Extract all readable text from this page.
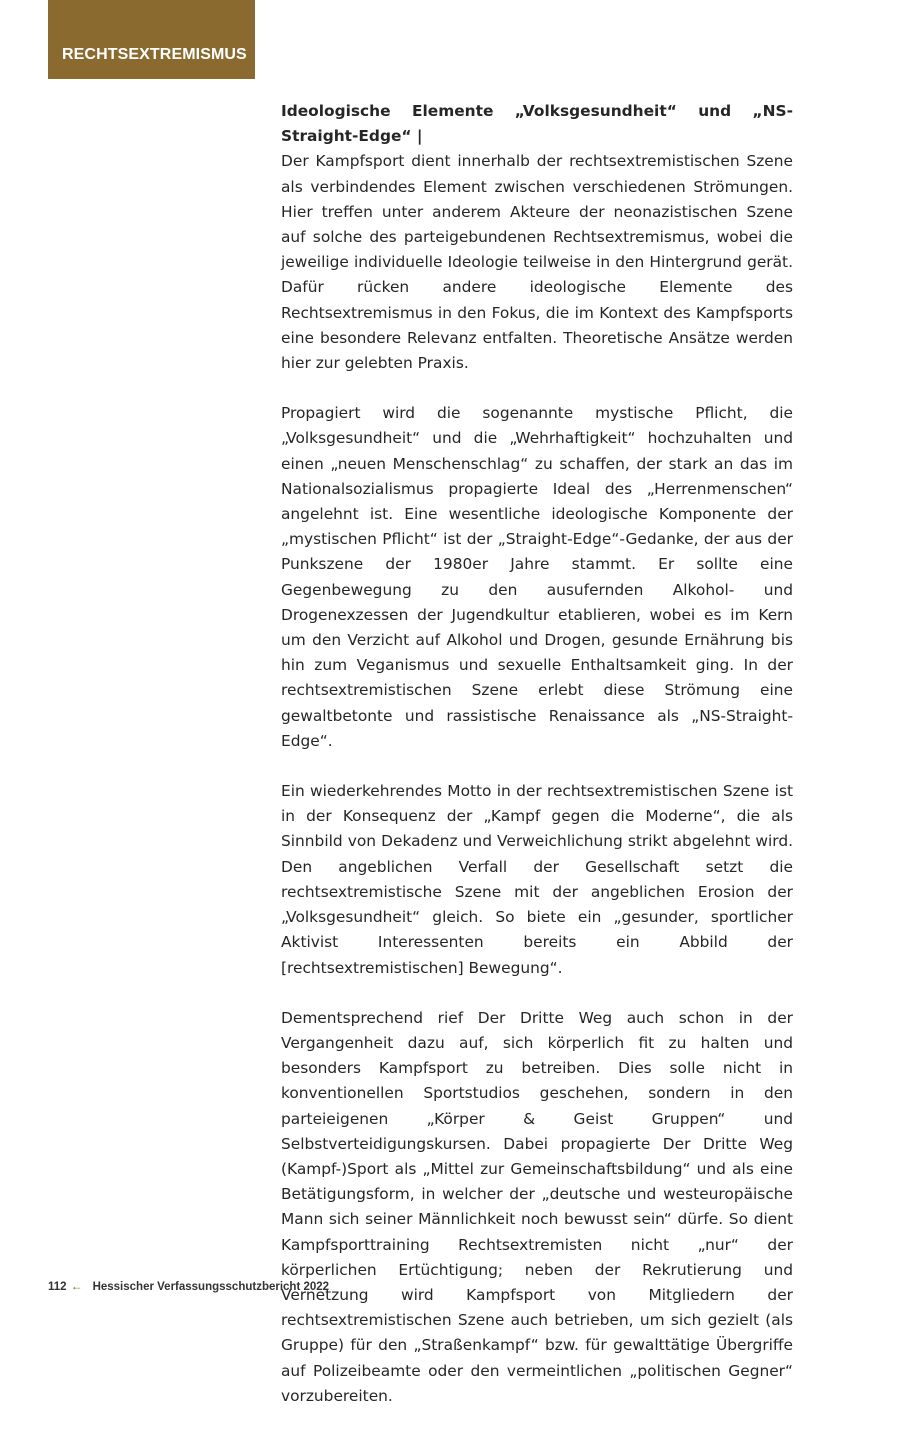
RECHTSEXTREMISMUS

Ideologische Elemente „Volksgesundheit“ und „NS-Straight-Edge“ |
Der Kampfsport dient innerhalb der rechtsextremistischen Szene als verbindendes Element zwischen verschiedenen Strömungen. Hier treffen unter anderem Akteure der neonazistischen Szene auf solche des parteigebundenen Rechtsextremismus, wobei die jeweilige individuelle Ideologie teilweise in den Hintergrund gerät. Dafür rücken andere ideologische Elemente des Rechtsextremismus in den Fokus, die im Kontext des Kampfsports eine besondere Relevanz entfalten. Theoretische Ansätze werden hier zur gelebten Praxis.

Propagiert wird die sogenannte mystische Pflicht, die „Volksgesundheit“ und die „Wehrhaftigkeit“ hochzuhalten und einen „neuen Menschenschlag“ zu schaffen, der stark an das im Nationalsozialismus propagierte Ideal des „Herrenmenschen“ angelehnt ist. Eine wesentliche ideologische Komponente der „mystischen Pflicht“ ist der „Straight-Edge“-Gedanke, der aus der Punkszene der 1980er Jahre stammt. Er sollte eine Gegenbewegung zu den ausufernden Alkohol- und Drogenexzessen der Jugendkultur etablieren, wobei es im Kern um den Verzicht auf Alkohol und Drogen, gesunde Ernährung bis hin zum Veganismus und sexuelle Enthaltsamkeit ging. In der rechtsextremistischen Szene erlebt diese Strömung eine gewaltbetonte und rassistische Renaissance als „NS-Straight-Edge“.

Ein wiederkehrendes Motto in der rechtsextremistischen Szene ist in der Konsequenz der „Kampf gegen die Moderne“, die als Sinnbild von Dekadenz und Verweichlichung strikt abgelehnt wird. Den angeblichen Verfall der Gesellschaft setzt die rechtsextremistische Szene mit der angeblichen Erosion der „Volksgesundheit“ gleich. So biete ein „gesunder, sportlicher Aktivist Interessenten bereits ein Abbild der [rechtsextremistischen] Bewegung“.

Dementsprechend rief Der Dritte Weg auch schon in der Vergangenheit dazu auf, sich körperlich fit zu halten und besonders Kampfsport zu betreiben. Dies solle nicht in konventionellen Sportstudios geschehen, sondern in den parteieigenen „Körper & Geist Gruppen“ und Selbstverteidigungskursen. Dabei propagierte Der Dritte Weg (Kampf-)Sport als „Mittel zur Gemeinschaftsbildung“ und als eine Betätigungsform, in welcher der „deutsche und westeuropäische Mann sich seiner Männlichkeit noch bewusst sein“ dürfe. So dient Kampfsporttraining Rechtsextremisten nicht „nur“ der körperlichen Ertüchtigung; neben der Rekrutierung und Vernetzung wird Kampfsport von Mitgliedern der rechtsextremistischen Szene auch betrieben, um sich gezielt (als Gruppe) für den „Straßenkampf“ bzw. für gewalttätige Übergriffe auf Polizeibeamte oder den vermeintlichen „politischen Gegner“ vorzubereiten.

112 ← Hessischer Verfassungsschutzbericht 2022
